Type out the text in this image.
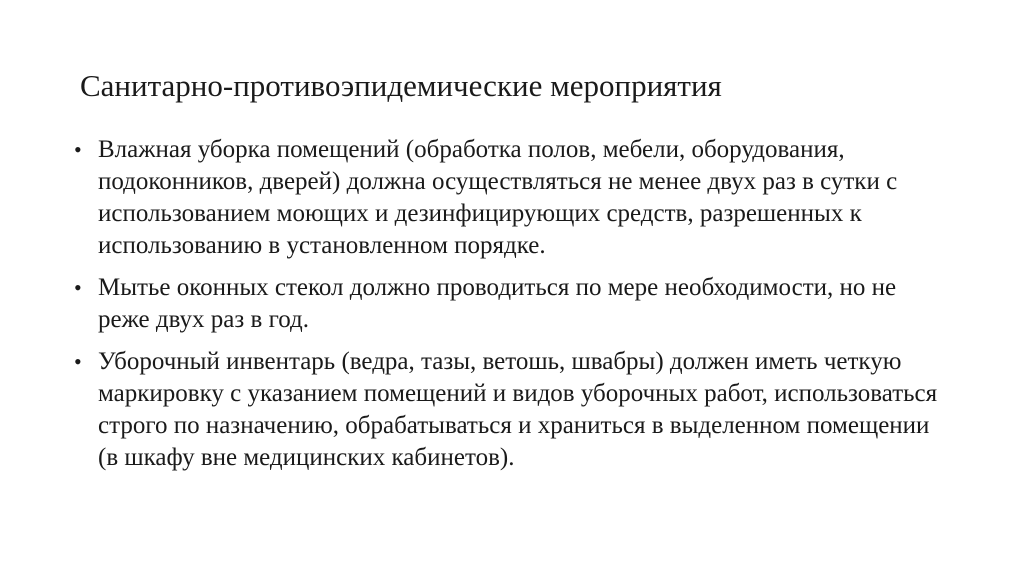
Санитарно-противоэпидемические мероприятия
• Влажная уборка помещений (обработка полов, мебели, оборудования, подоконников, дверей) должна осуществляться не менее двух раз в сутки с использованием моющих и дезинфицирующих средств, разрешенных к использованию в установленном порядке.
• Мытье оконных стекол должно проводиться по мере необходимости, но не реже двух раз в год.
• Уборочный инвентарь (ведра, тазы, ветошь, швабры) должен иметь четкую маркировку с указанием помещений и видов уборочных работ, использоваться строго по назначению, обрабатываться и храниться в выделенном помещении (в шкафу вне медицинских кабинетов).
